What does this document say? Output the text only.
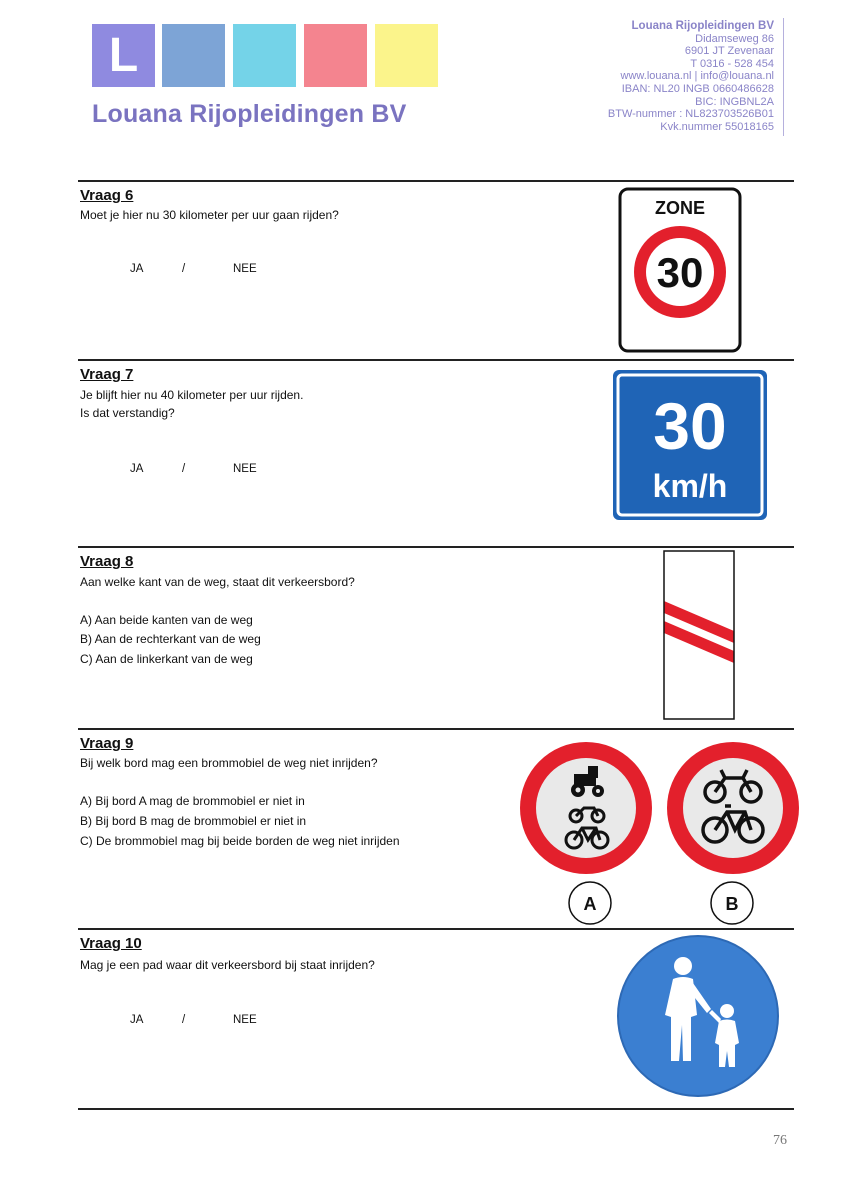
L
Louana Rijopleidingen BV
Louana Rijopleidingen BV
Didamseweg 86
6901 JT Zevenaar
T 0316 - 528 454
www.louana.nl | info@louana.nl
IBAN: NL20 INGB 0660486628
BIC: INGBNL2A
BTW-nummer : NL823703526B01
Kvk.nummer 55018165
Vraag 6
Moet je hier nu 30 kilometer per uur gaan rijden?
JA	/	NEE
ZONE
30
Vraag 7
Je blijft hier nu 40 kilometer per uur rijden.
Is dat verstandig?
JA	/	NEE
30
km/h
Vraag 8
Aan welke kant van de weg, staat dit verkeersbord?
A) Aan beide kanten van de weg
B) Aan de rechterkant van de weg
C) Aan de linkerkant van de weg
Vraag 9
Bij welk bord mag een brommobiel de weg niet inrijden?
A) Bij bord A mag de brommobiel er niet in
B) Bij bord B mag de brommobiel er niet in
C) De brommobiel mag bij beide borden de weg niet inrijden
A	B
Vraag 10
Mag je een pad waar dit verkeersbord bij staat inrijden?
JA	/	NEE
76
